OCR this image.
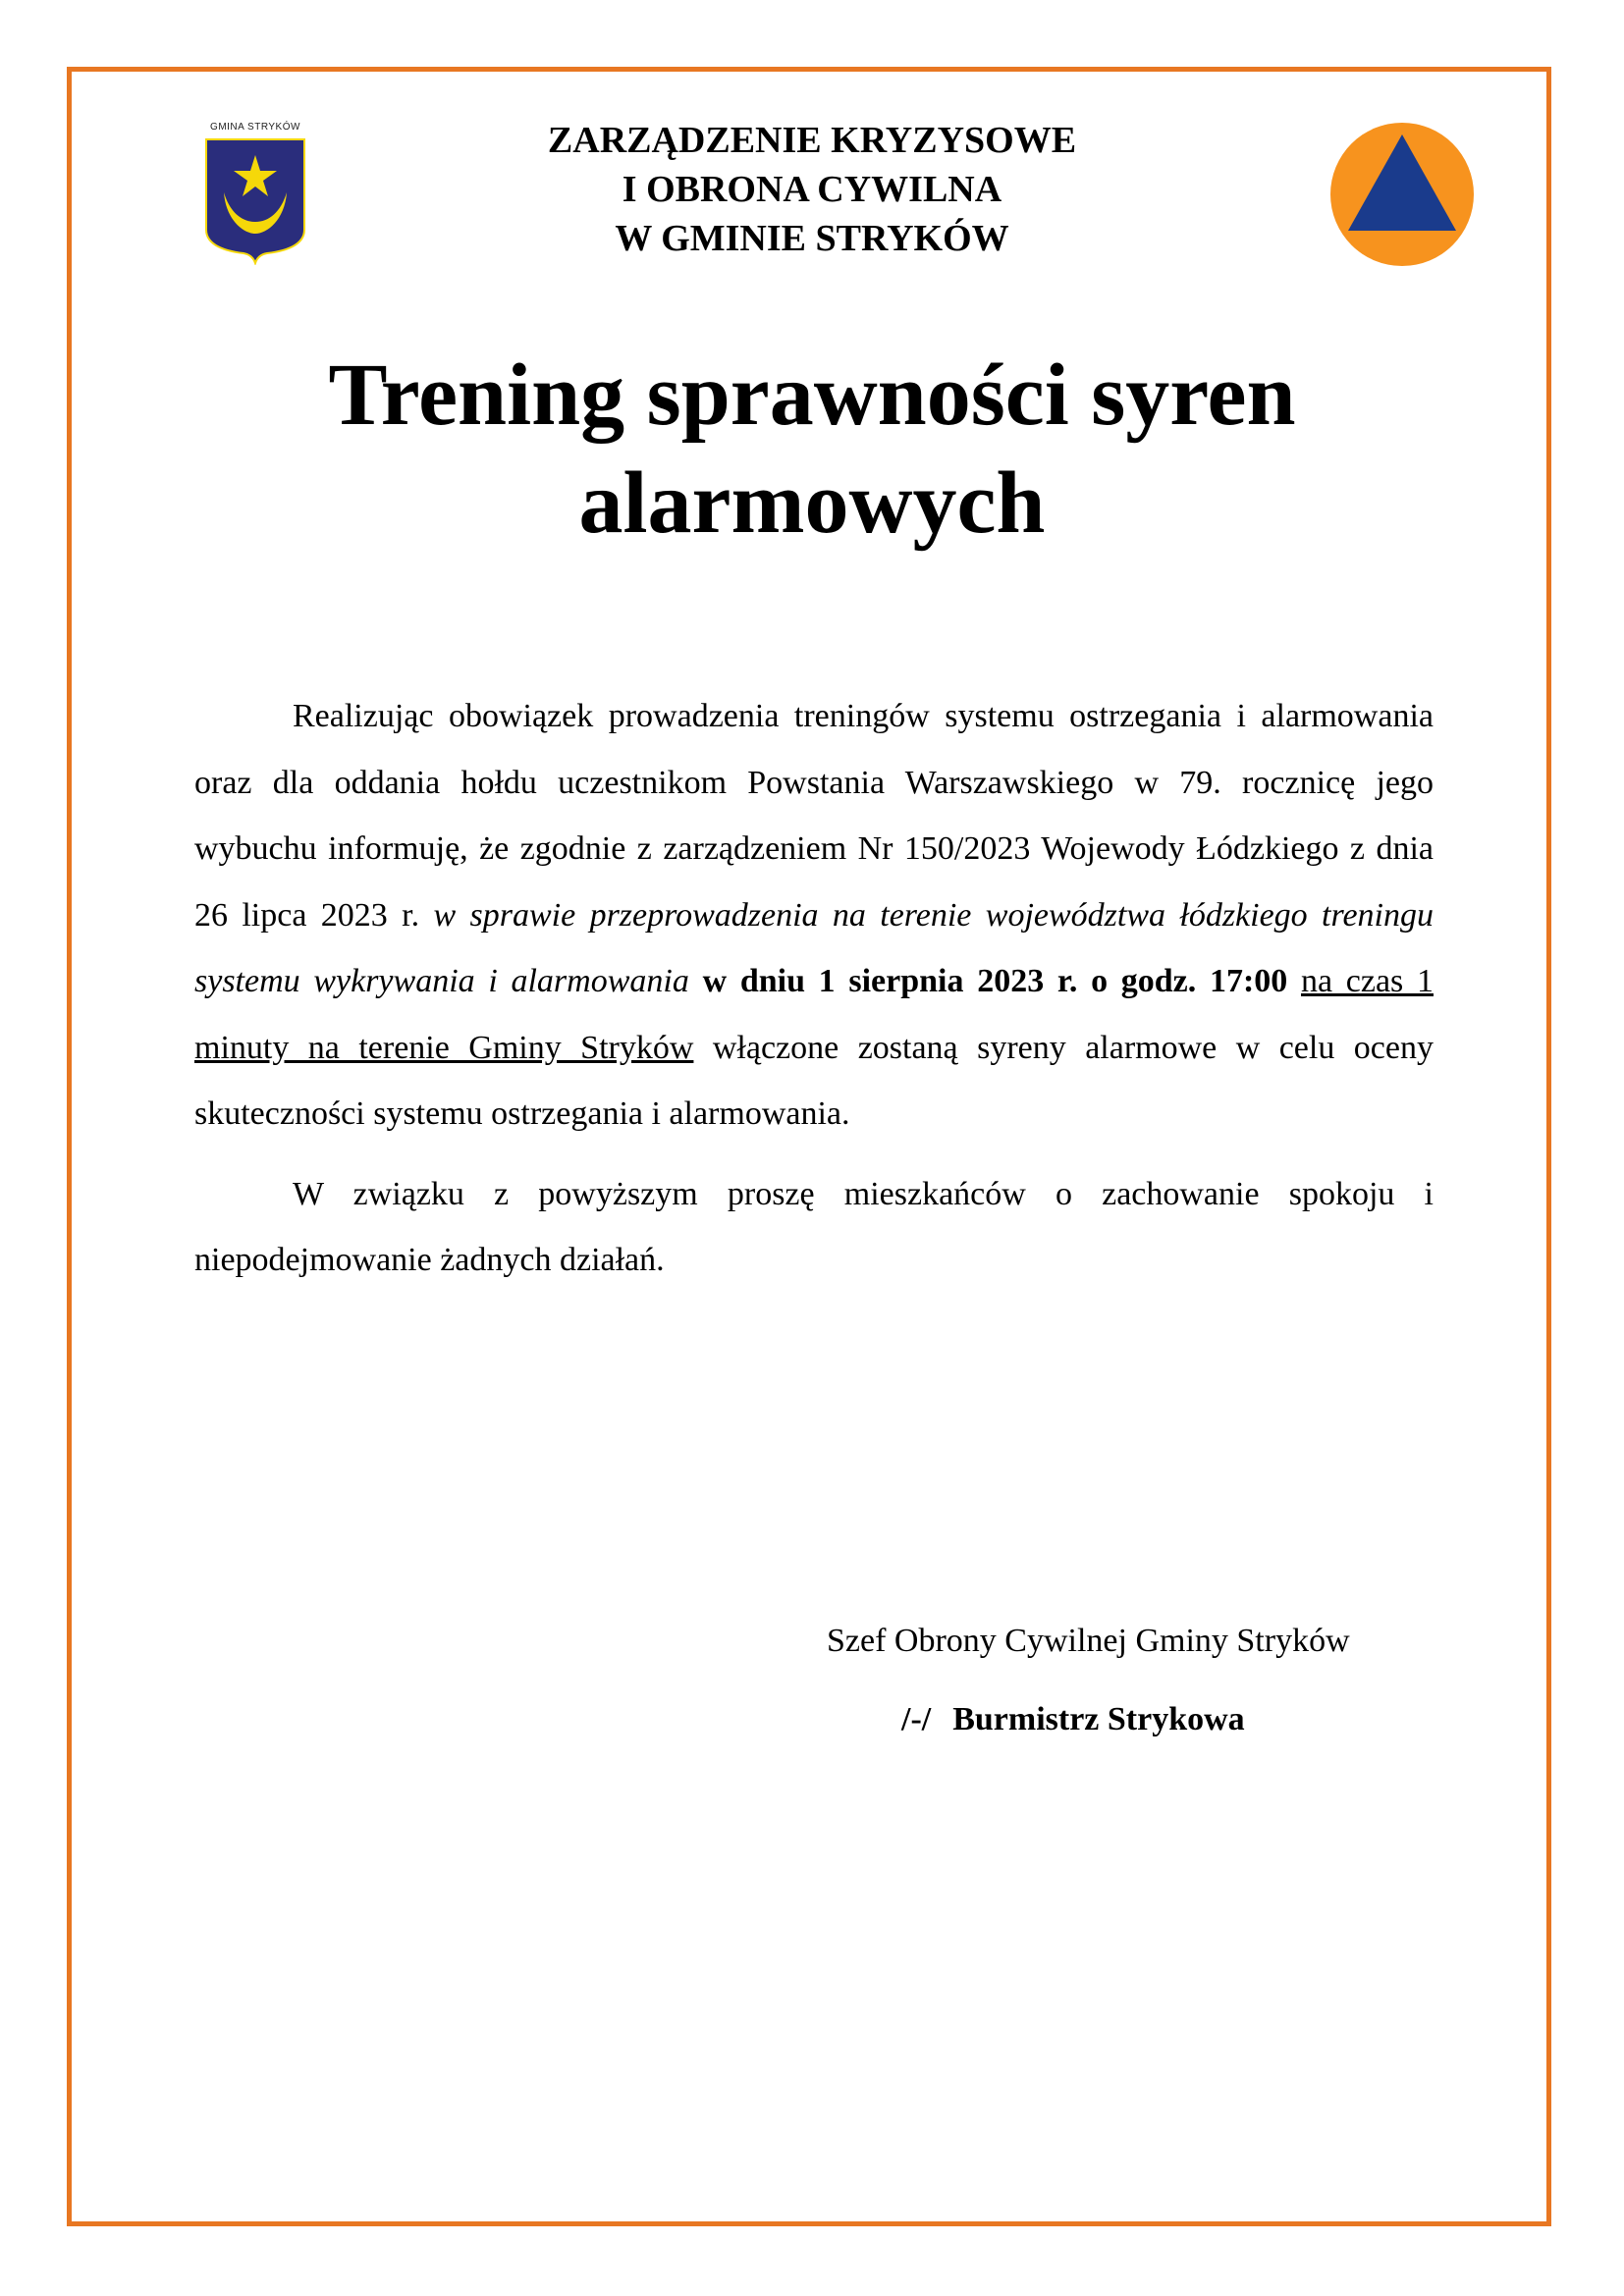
GMINA STRYKÓW	ZARZĄDZENIE KRYZYSOWE
I OBRONA CYWILNA
W GMINIE STRYKÓW
Trening sprawności syren
alarmowych

Realizując obowiązek prowadzenia treningów systemu ostrzegania i alarmowania oraz dla oddania hołdu uczestnikom Powstania Warszawskiego w 79. rocznicę jego wybuchu informuję, że zgodnie z zarządzeniem Nr 150/2023 Wojewody Łódzkiego z dnia 26 lipca 2023 r. w sprawie przeprowadzenia na terenie województwa łódzkiego treningu systemu wykrywania i alarmowania w dniu 1 sierpnia 2023 r. o godz. 17:00 na czas 1 minuty na terenie Gminy Stryków włączone zostaną syreny alarmowe w celu oceny skuteczności systemu ostrzegania i alarmowania.

W związku z powyższym proszę mieszkańców o zachowanie spokoju i niepodejmowanie żadnych działań.

Szef Obrony Cywilnej Gminy Stryków
/-/ Burmistrz Strykowa
